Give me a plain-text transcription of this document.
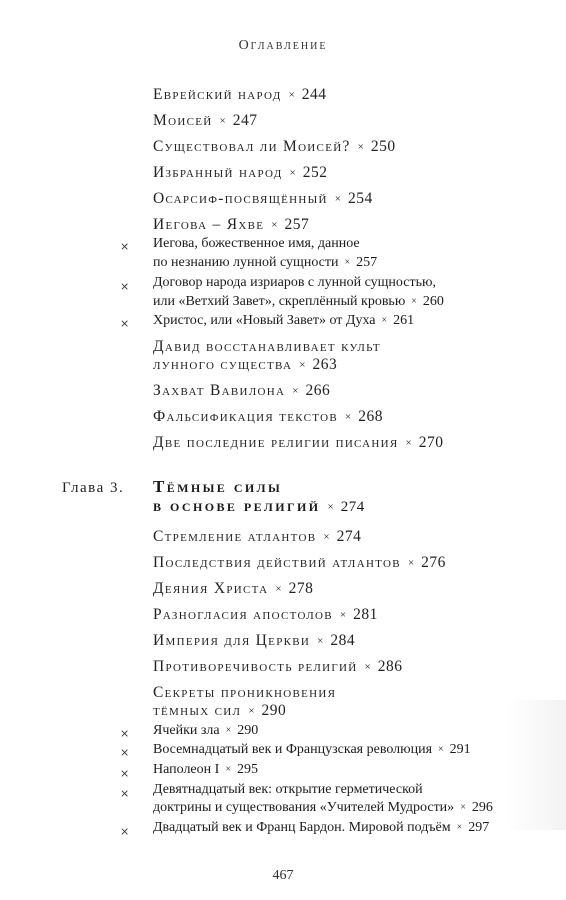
Оглавление
Еврейский народ × 244
Моисей × 247
Существовал ли Моисей? × 250
Избранный народ × 252
Осарсиф-посвящённый × 254
Иегова – Яхве × 257
× Иегова, божественное имя, данное
по незнанию лунной сущности × 257
× Договор народа изриаров с лунной сущностью,
или «Ветхий Завет», скреплённый кровью × 260
× Христос, или «Новый Завет» от Духа × 261
Давид восстанавливает культ
лунного существа × 263
Захват Вавилона × 266
Фальсификация текстов × 268
Две последние религии писания × 270
Глава 3. Тёмные силы
в основе религий × 274
Стремление атлантов × 274
Последствия действий атлантов × 276
Деяния Христа × 278
Разногласия апостолов × 281
Империя для Церкви × 284
Противоречивость религий × 286
Секреты проникновения
тёмных сил × 290
× Ячейки зла × 290
× Восемнадцатый век и Французская революция × 291
× Наполеон I × 295
× Девятнадцатый век: открытие герметической
доктрины и существования «Учителей Мудрости» × 296
× Двадцатый век и Франц Бардон. Мировой подъём × 297
467
